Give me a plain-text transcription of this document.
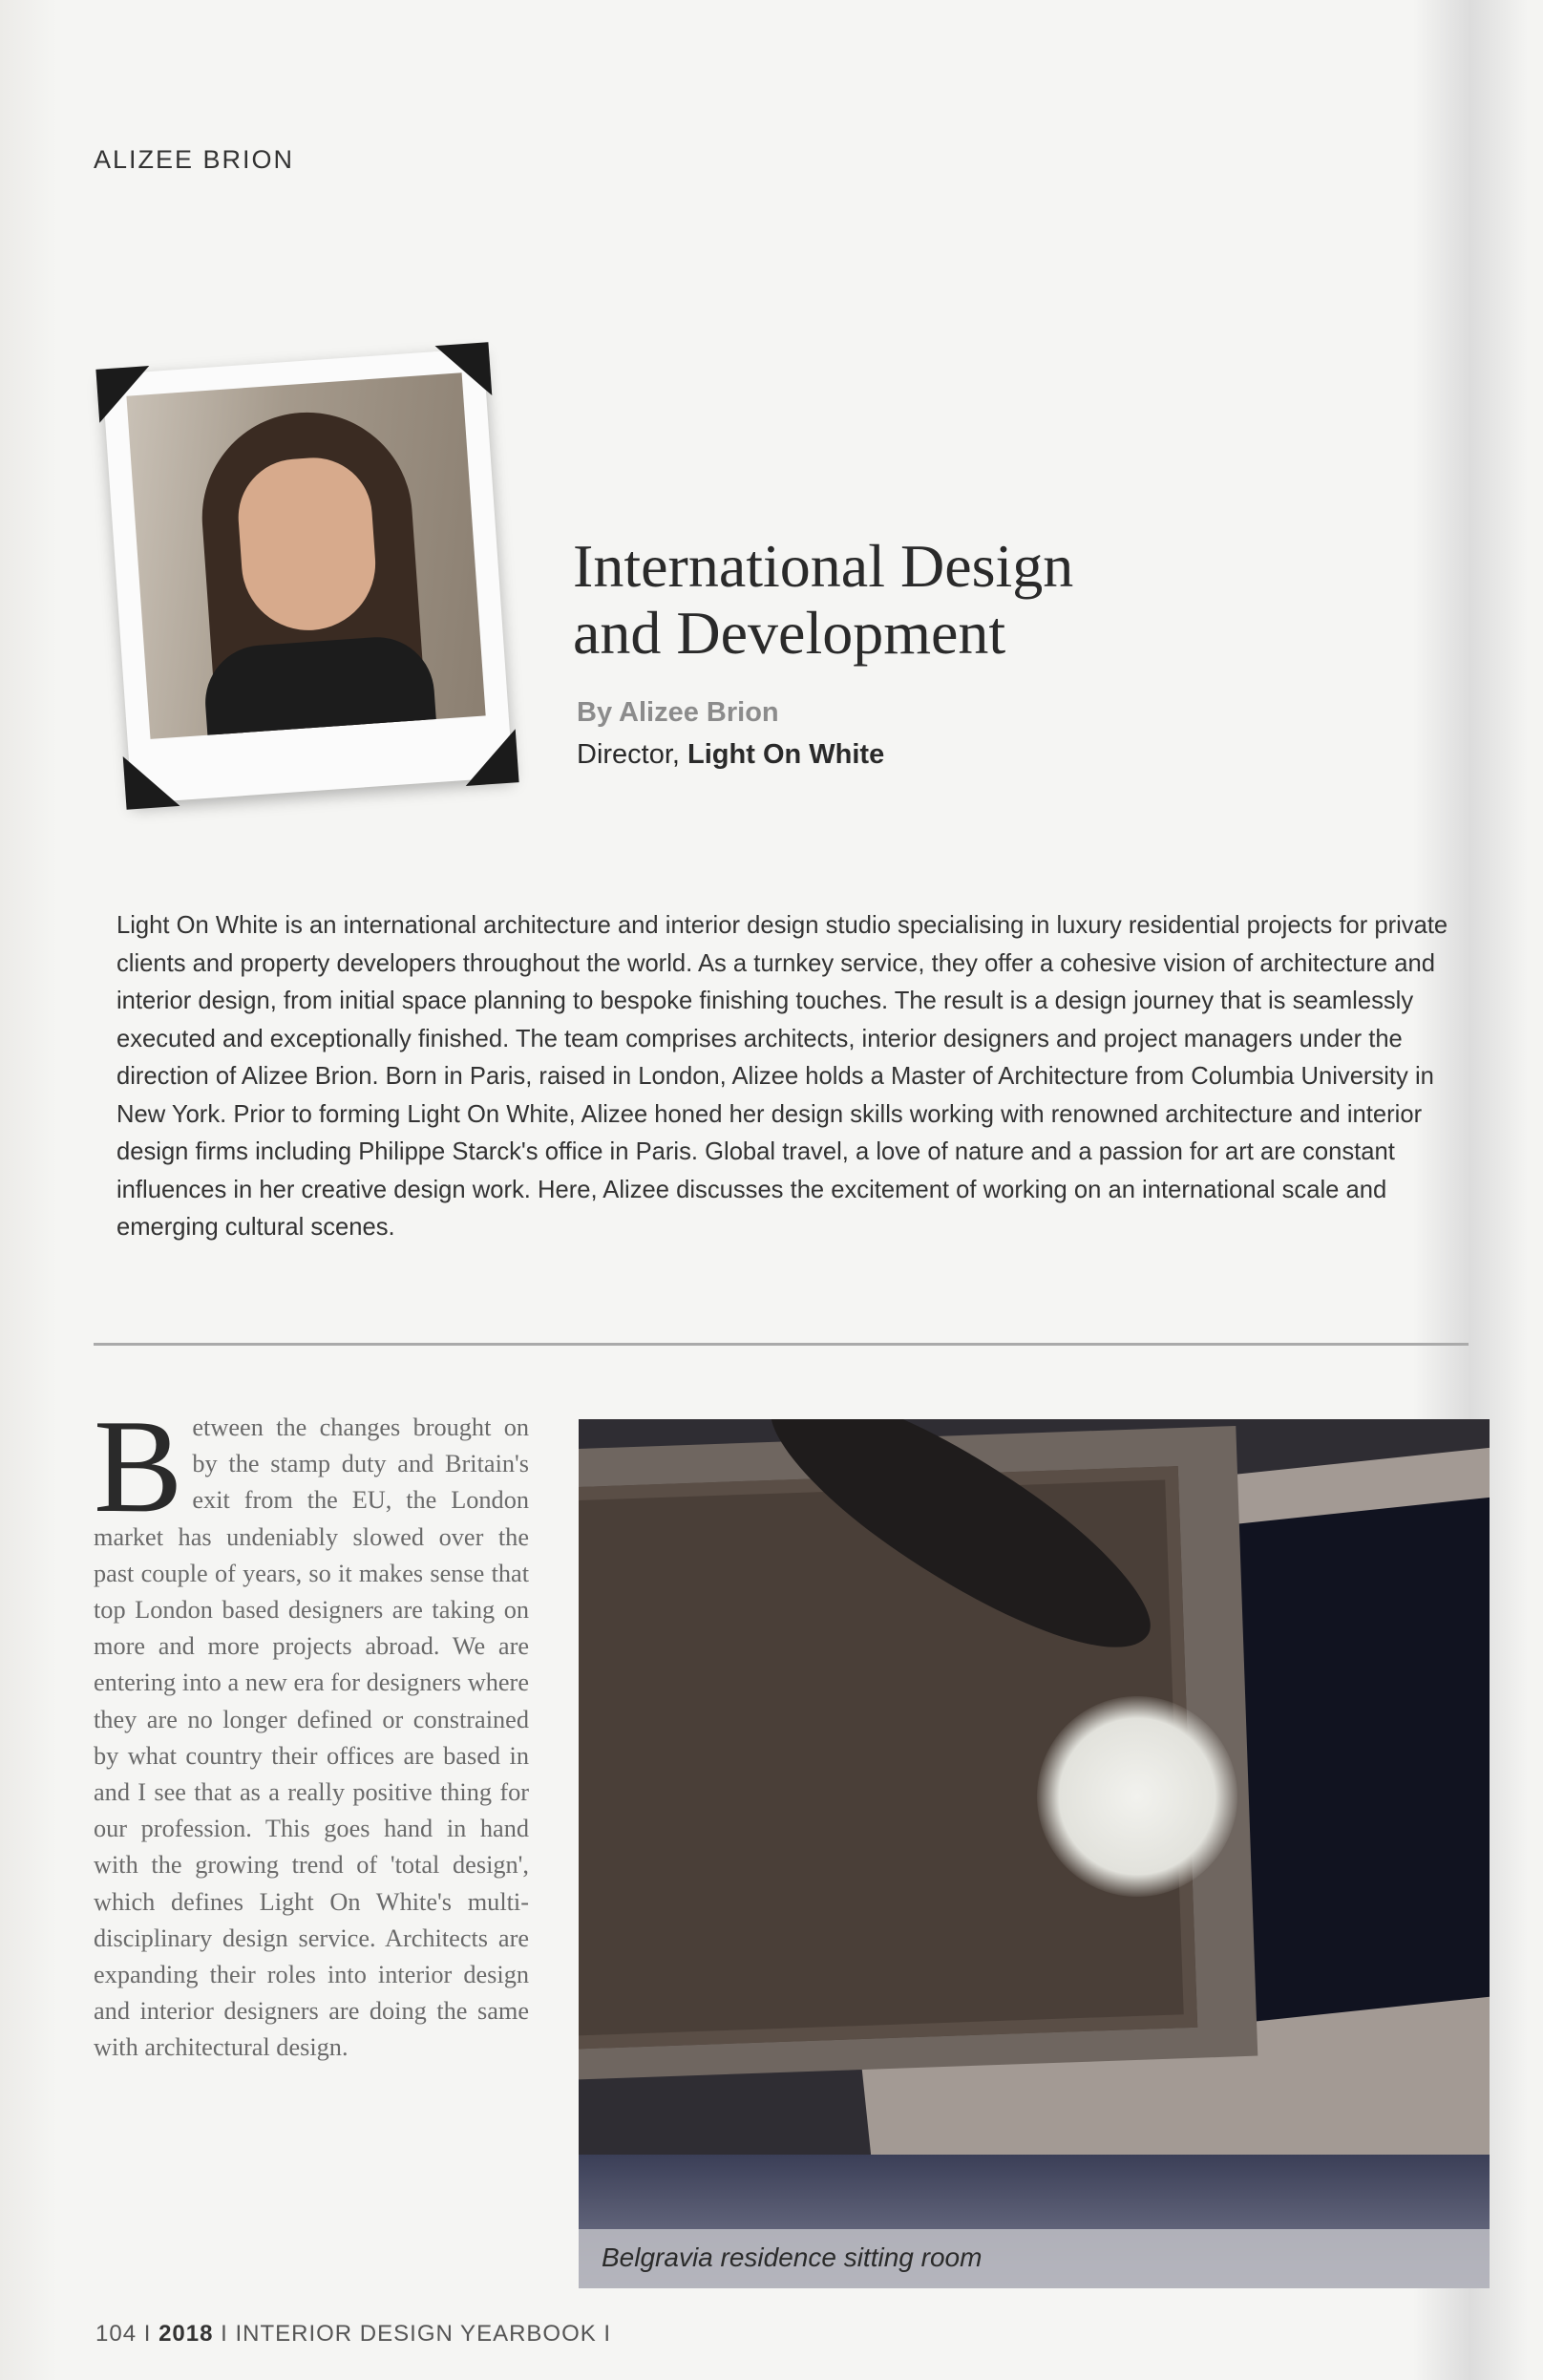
ALIZEE BRION
International Design
and Development
By Alizee Brion
Director, Light On White

Light On White is an international architecture and interior design studio specialising in luxury residential projects for private clients and property developers throughout the world. As a turnkey service, they offer a cohesive vision of architecture and interior design, from initial space planning to bespoke finishing touches. The result is a design journey that is seamlessly executed and exceptionally finished. The team comprises architects, interior designers and project managers under the direction of Alizee Brion. Born in Paris, raised in London, Alizee holds a Master of Architecture from Columbia University in New York. Prior to forming Light On White, Alizee honed her design skills working with renowned architecture and interior design firms including Philippe Starck's office in Paris. Global travel, a love of nature and a passion for art are constant influences in her creative design work. Here, Alizee discusses the excitement of working on an international scale and emerging cultural scenes.

Between the changes brought on by the stamp duty and Britain's exit from the EU, the London market has undeniably slowed over the past couple of years, so it makes sense that top London based designers are taking on more and more projects abroad. We are entering into a new era for designers where they are no longer defined or constrained by what country their offices are based in and I see that as a really positive thing for our profession. This goes hand in hand with the growing trend of 'total design', which defines Light On White's multi-disciplinary design service. Architects are expanding their roles into interior design and interior designers are doing the same with architectural design.

Belgravia residence sitting room
104 I 2018 I INTERIOR DESIGN YEARBOOK I
